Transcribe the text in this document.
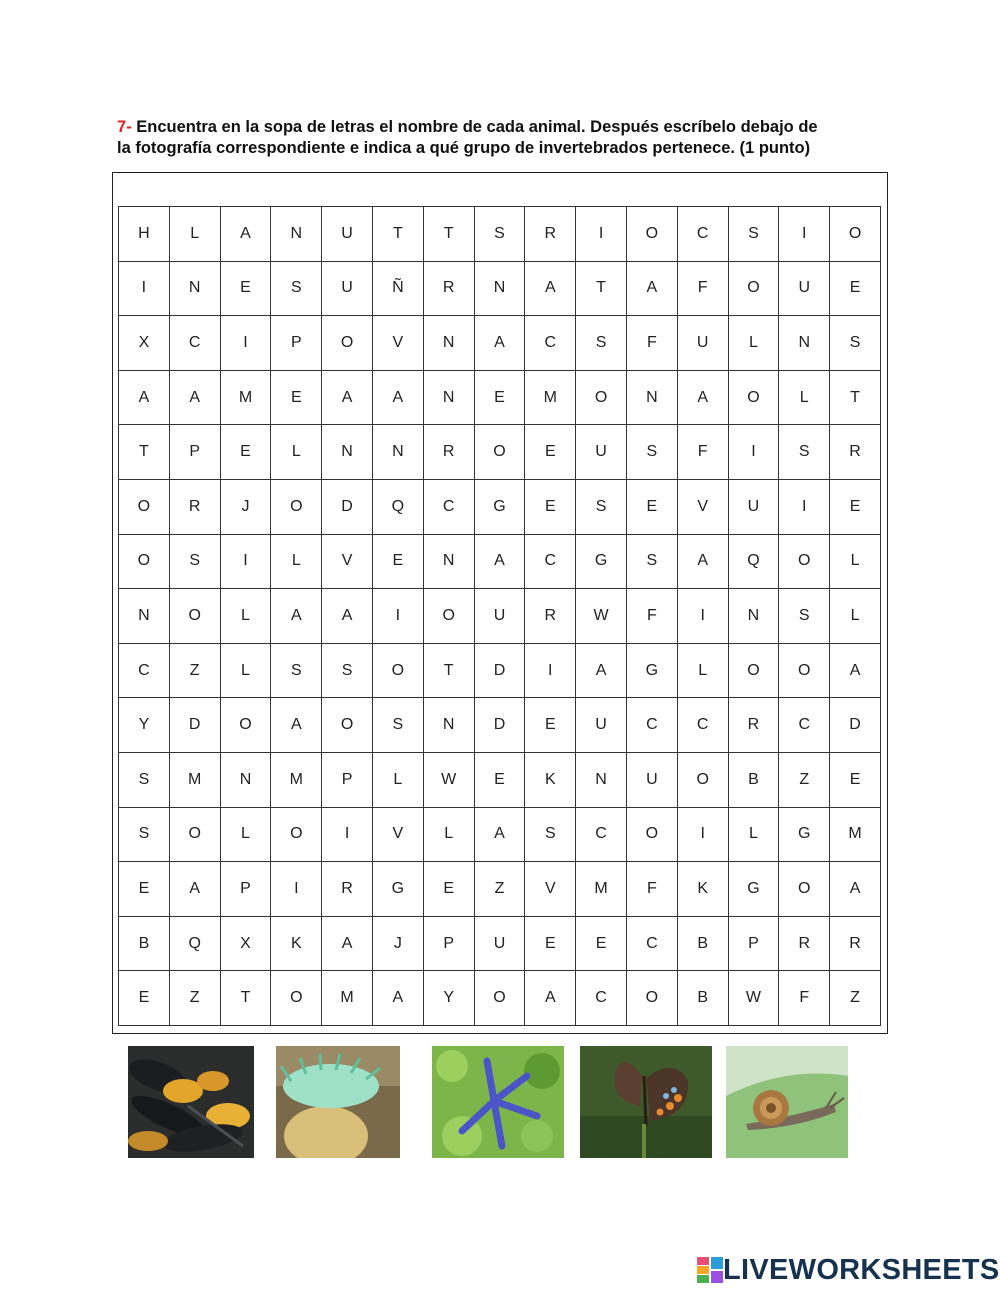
7- Encuentra en la sopa de letras el nombre de cada animal. Después escríbelo debajo de
la fotografía correspondiente e indica a qué grupo de invertebrados pertenece. (1 punto)
H	L	A	N	U	T	T	S	R	I	O	C	S	I	O
I	N	E	S	U	Ñ	R	N	A	T	A	F	O	U	E
X	C	I	P	O	V	N	A	C	S	F	U	L	N	S
A	A	M	E	A	A	N	E	M	O	N	A	O	L	T
T	P	E	L	N	N	R	O	E	U	S	F	I	S	R
O	R	J	O	D	Q	C	G	E	S	E	V	U	I	E
O	S	I	L	V	E	N	A	C	G	S	A	Q	O	L
N	O	L	A	A	I	O	U	R	W	F	I	N	S	L
C	Z	L	S	S	O	T	D	I	A	G	L	O	O	A
Y	D	O	A	O	S	N	D	E	U	C	C	R	C	D
S	M	N	M	P	L	W	E	K	N	U	O	B	Z	E
S	O	L	O	I	V	L	A	S	C	O	I	L	G	M
E	A	P	I	R	G	E	Z	V	M	F	K	G	O	A
B	Q	X	K	A	J	P	U	E	E	C	B	P	R	R
E	Z	T	O	M	A	Y	O	A	C	O	B	W	F	Z
LIVEWORKSHEETS
